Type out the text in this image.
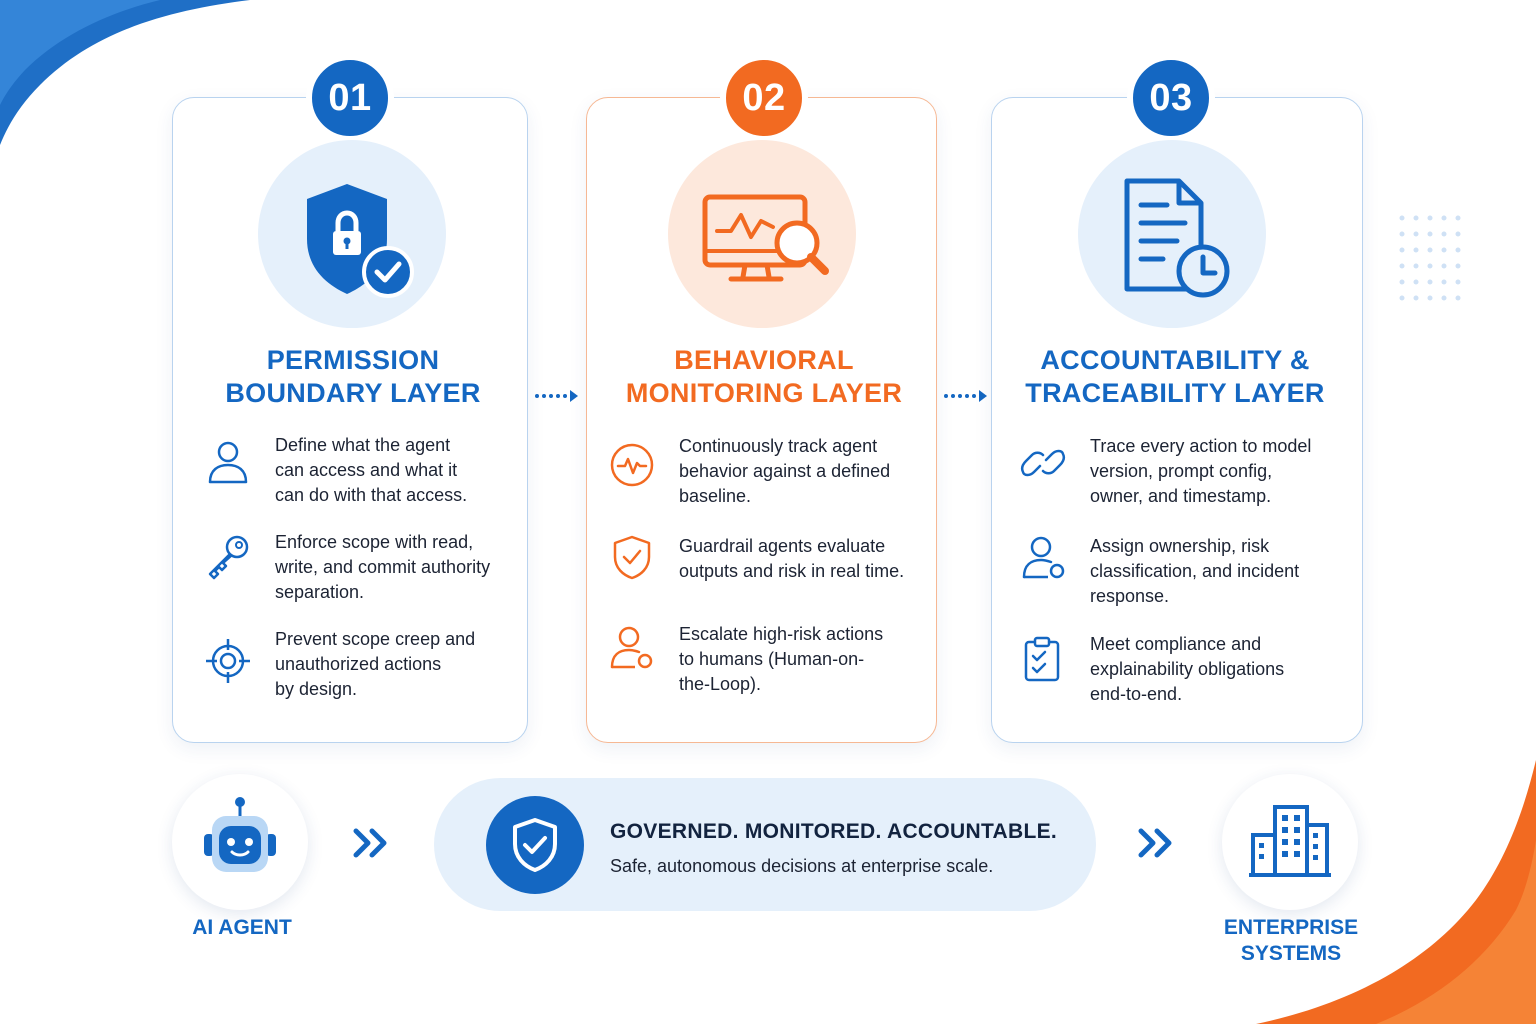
01
PERMISSION
BOUNDARY LAYER
Define what the agent
can access and what it
can do with that access.
Enforce scope with read,
write, and commit authority
separation.
Prevent scope creep and
unauthorized actions
by design.
02
BEHAVIORAL
MONITORING LAYER
Continuously track agent
behavior against a defined
baseline.
Guardrail agents evaluate
outputs and risk in real time.
Escalate high-risk actions
to humans (Human-on-
the-Loop).
03
ACCOUNTABILITY &
TRACEABILITY LAYER
Trace every action to model
version, prompt config,
owner, and timestamp.
Assign ownership, risk
classification, and incident
response.
Meet compliance and
explainability obligations
end-to-end.
AI AGENT
GOVERNED. MONITORED. ACCOUNTABLE.
Safe, autonomous decisions at enterprise scale.
ENTERPRISE
SYSTEMS
